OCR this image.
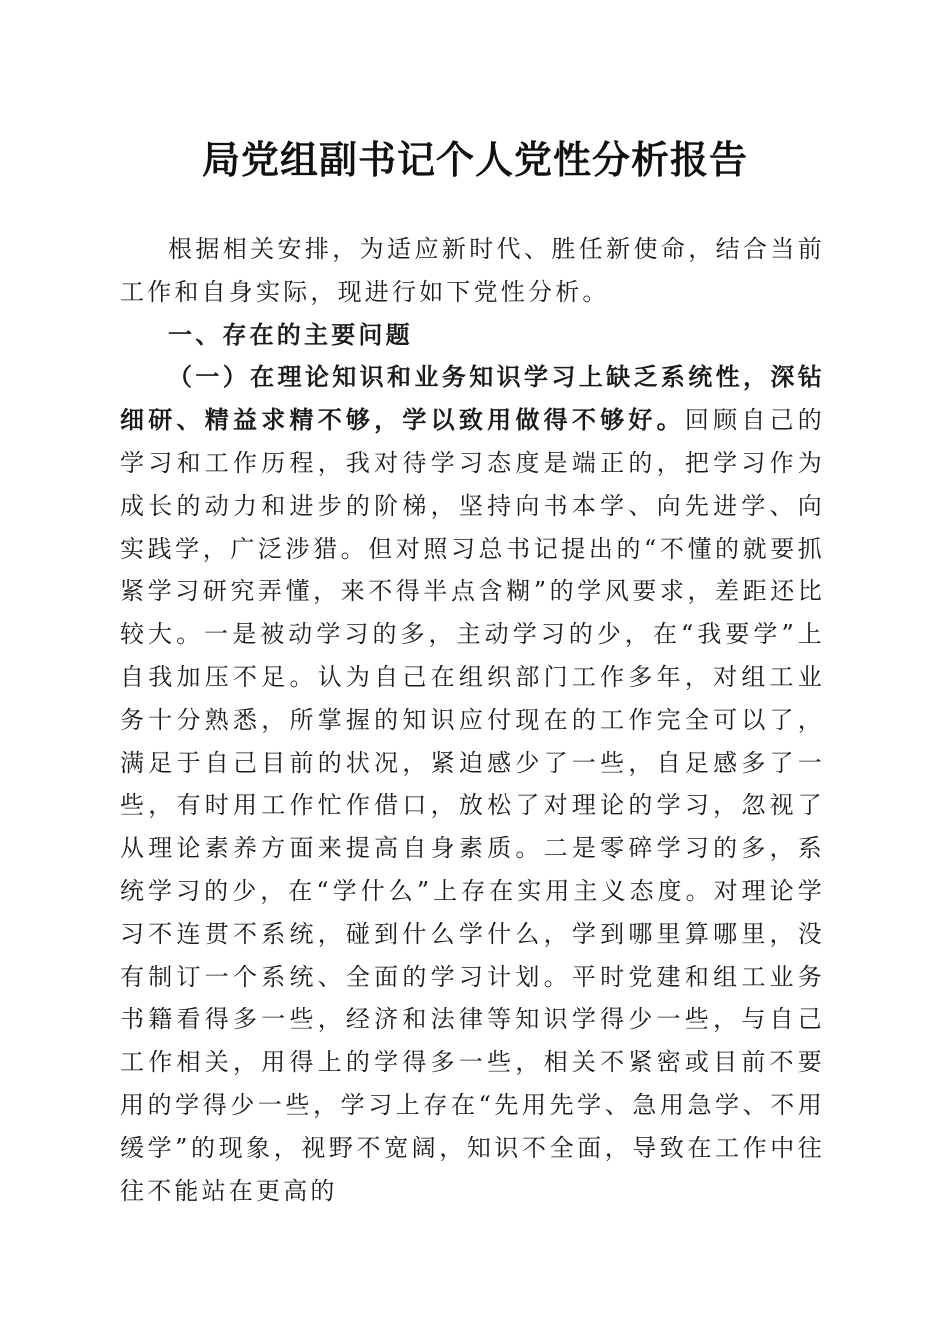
局党组副书记个人党性分析报告

根据相关安排，为适应新时代、胜任新使命，结合当前工作和自身实际，现进行如下党性分析。

一、存在的主要问题

（一）在理论知识和业务知识学习上缺乏系统性，深钻细研、精益求精不够，学以致用做得不够好。回顾自己的学习和工作历程，我对待学习态度是端正的，把学习作为成长的动力和进步的阶梯，坚持向书本学、向先进学、向实践学，广泛涉猎。但对照习总书记提出的“不懂的就要抓紧学习研究弄懂，来不得半点含糊”的学风要求，差距还比较大。一是被动学习的多，主动学习的少，在“我要学”上自我加压不足。认为自己在组织部门工作多年，对组工业务十分熟悉，所掌握的知识应付现在的工作完全可以了，满足于自己目前的状况，紧迫感少了一些，自足感多了一些，有时用工作忙作借口，放松了对理论的学习，忽视了从理论素养方面来提高自身素质。二是零碎学习的多，系统学习的少，在“学什么”上存在实用主义态度。对理论学习不连贯不系统，碰到什么学什么，学到哪里算哪里，没有制订一个系统、全面的学习计划。平时党建和组工业务书籍看得多一些，经济和法律等知识学得少一些，与自己工作相关，用得上的学得多一些，相关不紧密或目前不要用的学得少一些，学习上存在“先用先学、急用急学、不用缓学”的现象，视野不宽阔，知识不全面，导致在工作中往往不能站在更高的
